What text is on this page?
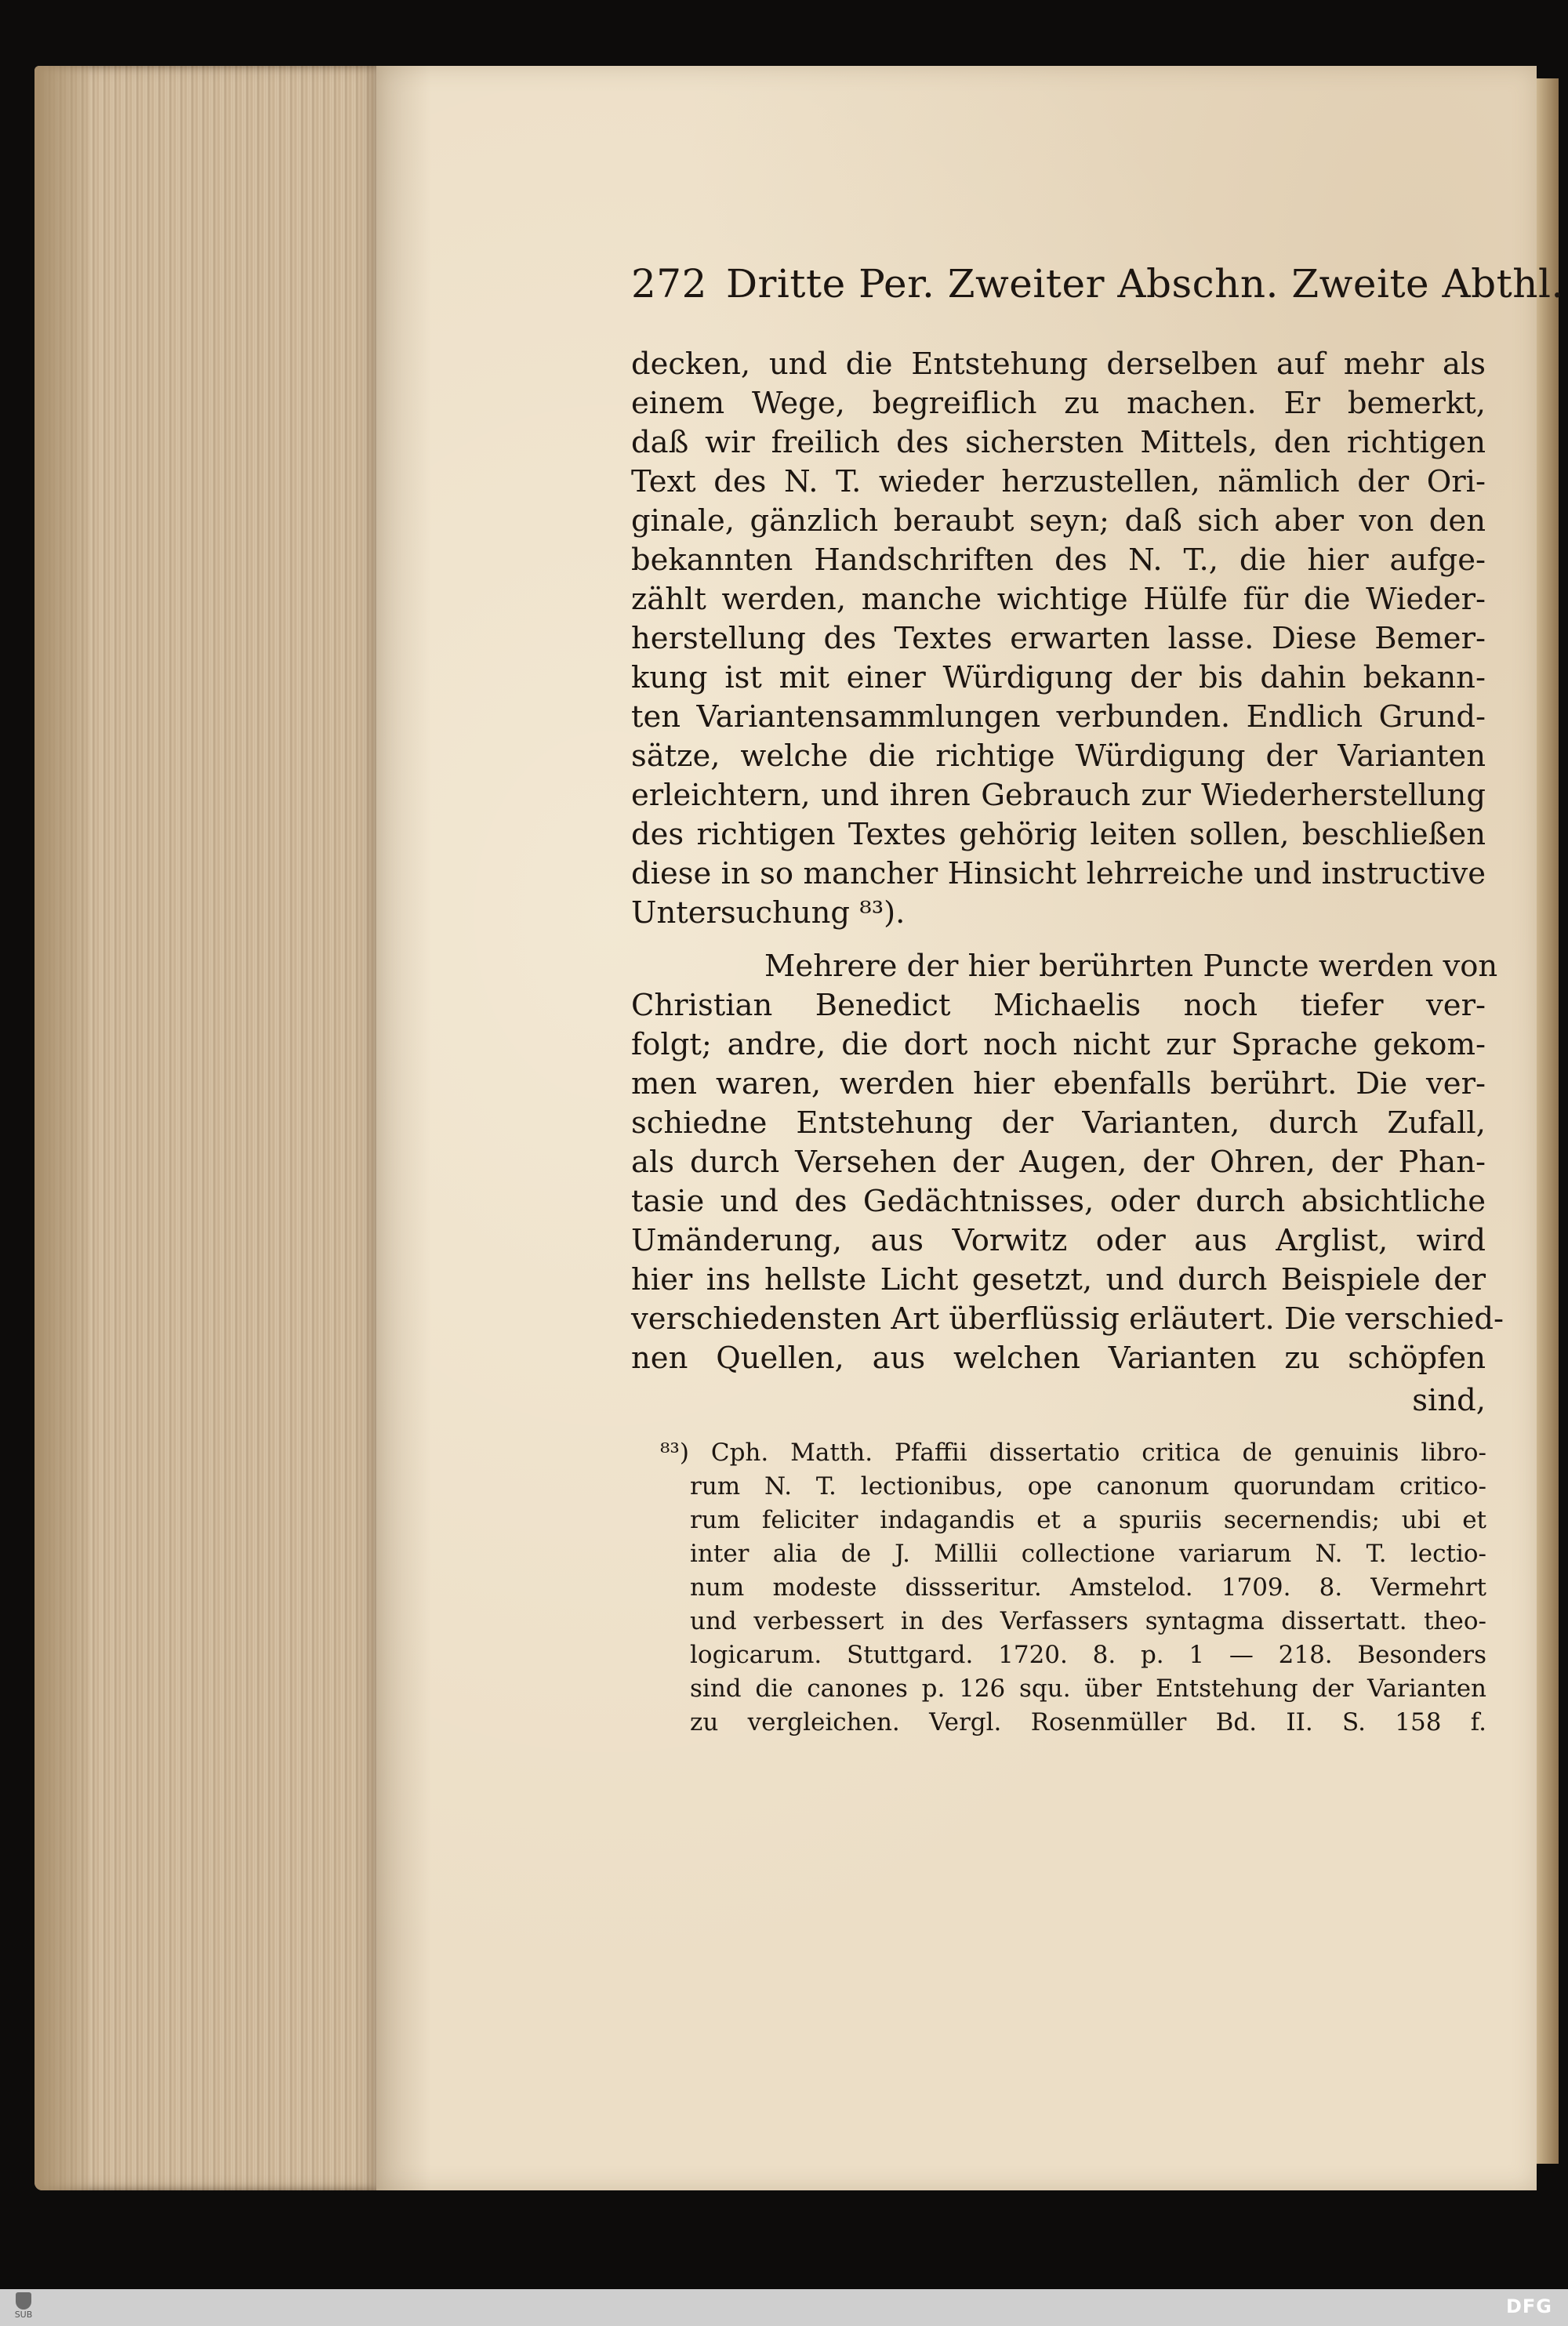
272 Dritte Per. Zweiter Abschn. Zweite Abthl.
decken, und die Entstehung derselben auf mehr als
einem Wege, begreiflich zu machen. Er bemerkt,
daß wir freilich des sichersten Mittels, den richtigen
Text des N. T. wieder herzustellen, nämlich der Ori-
ginale, gänzlich beraubt seyn; daß sich aber von den
bekannten Handschriften des N. T., die hier aufge-
zählt werden, manche wichtige Hülfe für die Wieder-
herstellung des Textes erwarten lasse. Diese Bemer-
kung ist mit einer Würdigung der bis dahin bekann-
ten Variantensammlungen verbunden. Endlich Grund-
sätze, welche die richtige Würdigung der Varianten
erleichtern, und ihren Gebrauch zur Wiederherstellung
des richtigen Textes gehörig leiten sollen, beschließen
diese in so mancher Hinsicht lehrreiche und instructive
Untersuchung ⁸³).
Mehrere der hier berührten Puncte werden von
Christian Benedict Michaelis noch tiefer ver-
folgt; andre, die dort noch nicht zur Sprache gekom-
men waren, werden hier ebenfalls berührt. Die ver-
schiedne Entstehung der Varianten, durch Zufall,
als durch Versehen der Augen, der Ohren, der Phan-
tasie und des Gedächtnisses, oder durch absichtliche
Umänderung, aus Vorwitz oder aus Arglist, wird
hier ins hellste Licht gesetzt, und durch Beispiele der
verschiedensten Art überflüssig erläutert. Die verschied-
nen Quellen, aus welchen Varianten zu schöpfen
sind,
⁸³) Cph. Matth. Pfaffii dissertatio critica de genuinis libro-
rum N. T. lectionibus, ope canonum quorundam critico-
rum feliciter indagandis et a spuriis secernendis; ubi et
inter alia de J. Millii collectione variarum N. T. lectio-
num modeste dissseritur. Amstelod. 1709. 8. Vermehrt
und verbessert in des Verfassers syntagma dissertatt. theo-
logicarum. Stuttgard. 1720. 8. p. 1 — 218. Besonders
sind die canones p. 126 squ. über Entstehung der Varianten
zu vergleichen. Vergl. Rosenmüller Bd. II. S. 158 f.
SUB	DFG
